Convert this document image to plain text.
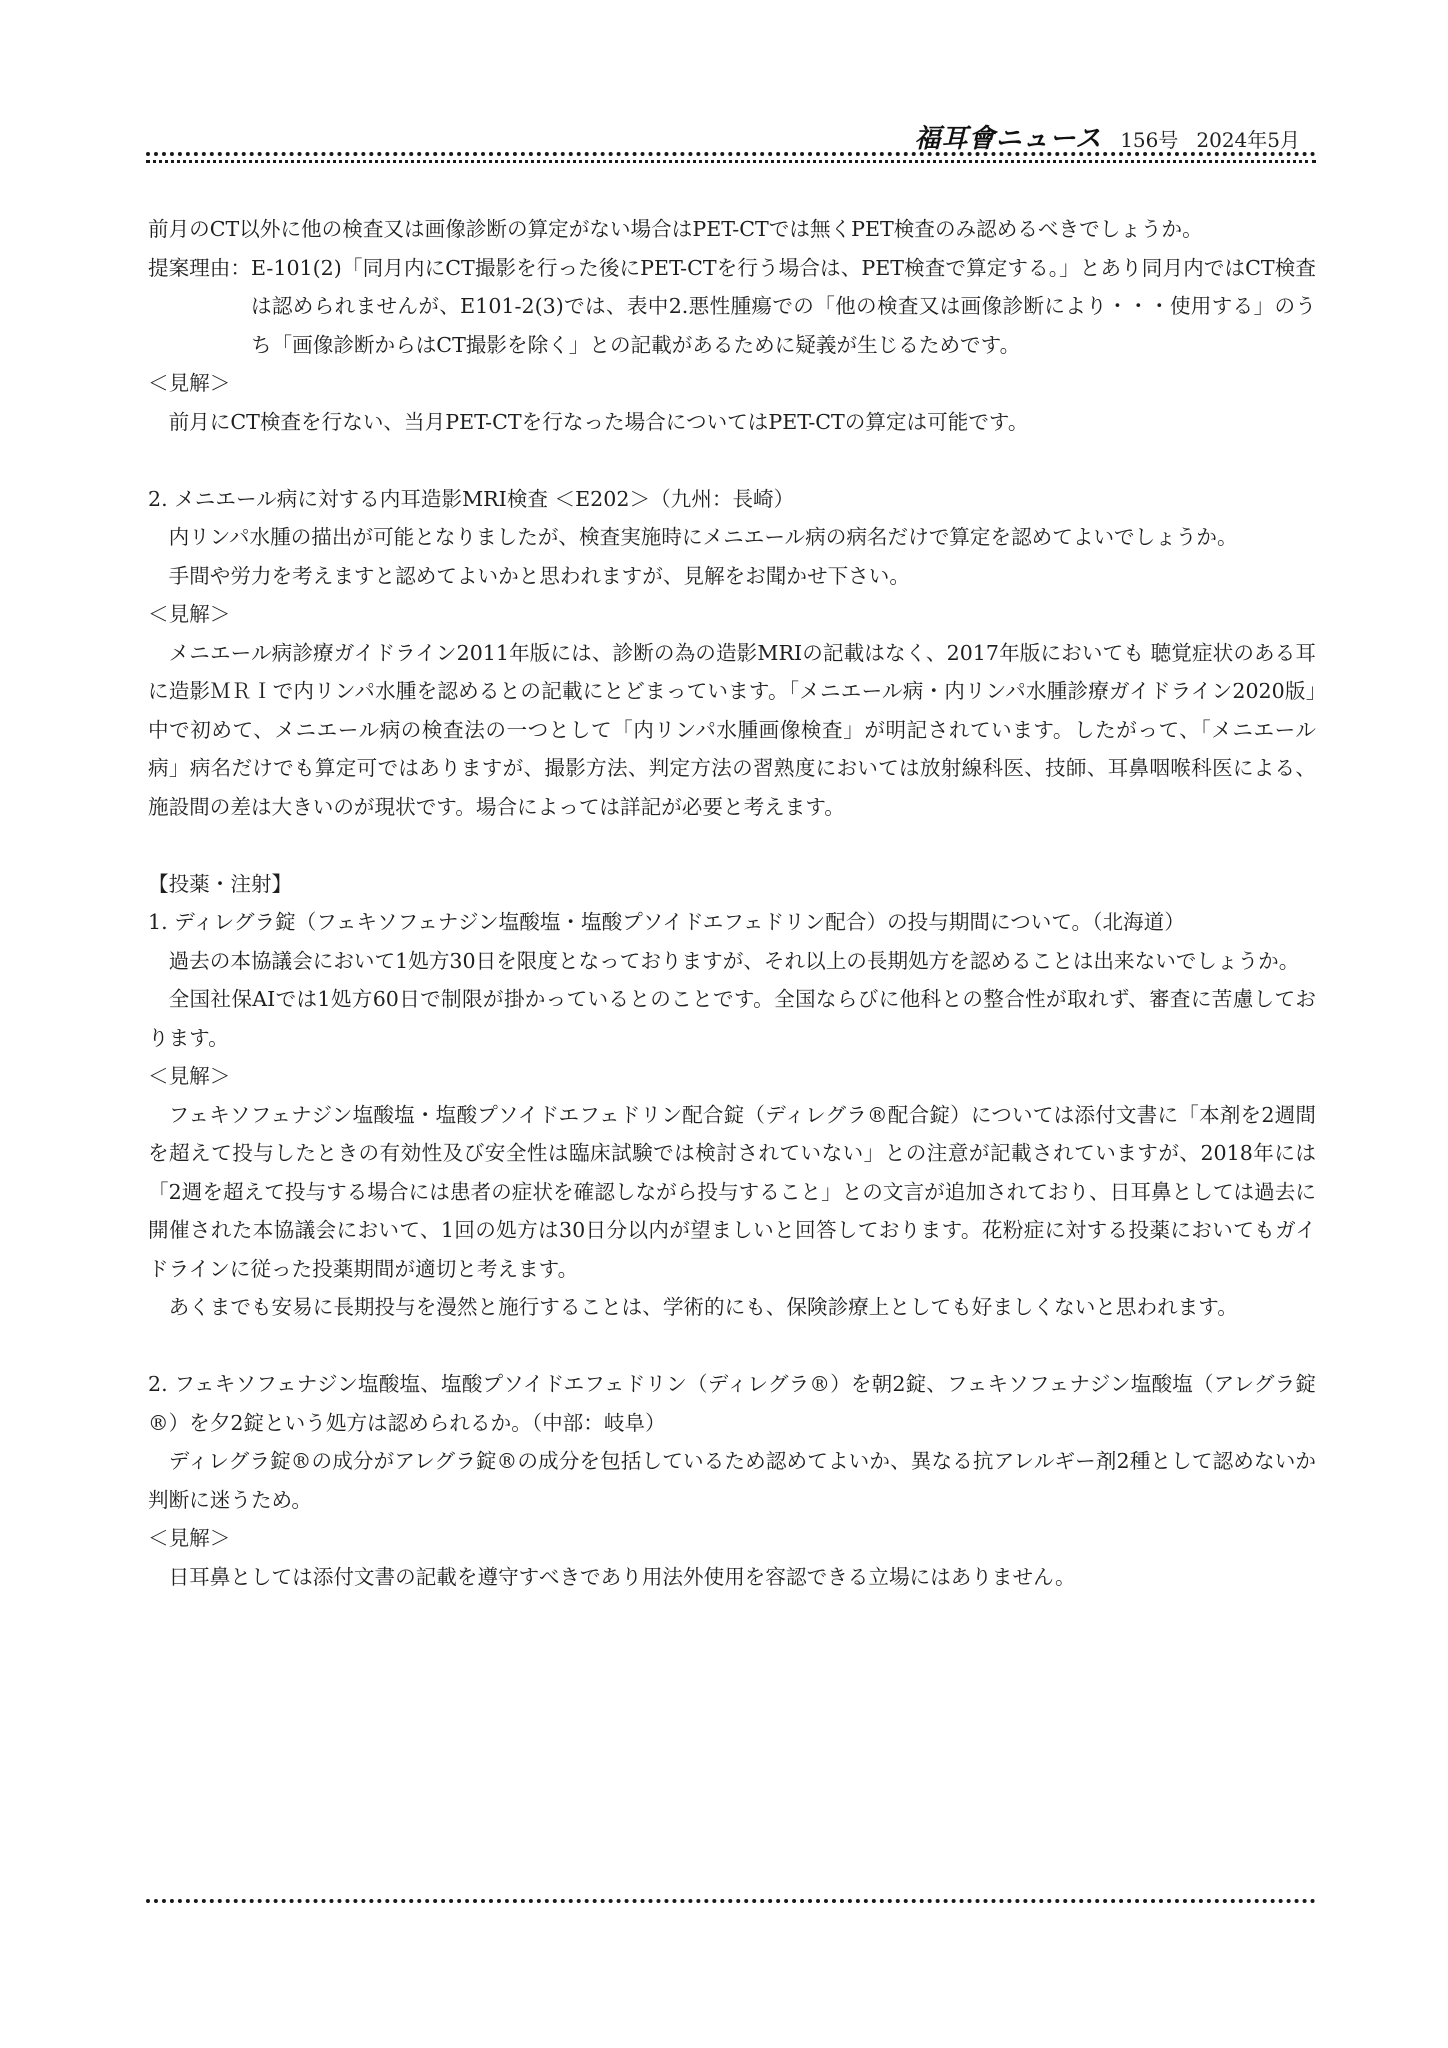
福耳會ニュース 156号 2024年5月

前月のCT以外に他の検査又は画像診断の算定がない場合はPET-CTでは無くPET検査のみ認めるべきでしょうか。

提案理由： E-101(2)「同月内にCT撮影を行った後にPET-CTを行う場合は、PET検査で算定する。」とあり同月内ではCT検査は認められませんが、E101-2(3)では、表中2.悪性腫瘍での「他の検査又は画像診断により・・・使用する」のうち「画像診断からはCT撮影を除く」との記載があるために疑義が生じるためです。

＜見解＞

前月にCT検査を行ない、当月PET-CTを行なった場合についてはPET-CTの算定は可能です。

2. メニエール病に対する内耳造影MRI検査 ＜E202＞（九州：長崎）

内リンパ水腫の描出が可能となりましたが、検査実施時にメニエール病の病名だけで算定を認めてよいでしょうか。

手間や労力を考えますと認めてよいかと思われますが、見解をお聞かせ下さい。

＜見解＞

メニエール病診療ガイドライン2011年版には、診断の為の造影MRIの記載はなく、2017年版においても 聴覚症状のある耳に造影ＭＲＩで内リンパ水腫を認めるとの記載にとどまっています。「メニエール病・内リンパ水腫診療ガイドライン2020版」中で初めて、メニエール病の検査法の一つとして「内リンパ水腫画像検査」が明記されています。したがって、「メニエール病」病名だけでも算定可ではありますが、撮影方法、判定方法の習熟度においては放射線科医、技師、耳鼻咽喉科医による、施設間の差は大きいのが現状です。場合によっては詳記が必要と考えます。

【投薬・注射】

1. ディレグラ錠（フェキソフェナジン塩酸塩・塩酸プソイドエフェドリン配合）の投与期間について。（北海道）

過去の本協議会において1処方30日を限度となっておりますが、それ以上の長期処方を認めることは出来ないでしょうか。

全国社保AIでは1処方60日で制限が掛かっているとのことです。全国ならびに他科との整合性が取れず、審査に苦慮しております。

＜見解＞

フェキソフェナジン塩酸塩・塩酸プソイドエフェドリン配合錠（ディレグラ®配合錠）については添付文書に「本剤を2週間を超えて投与したときの有効性及び安全性は臨床試験では検討されていない」との注意が記載されていますが、2018年には「2週を超えて投与する場合には患者の症状を確認しながら投与すること」との文言が追加されており、日耳鼻としては過去に開催された本協議会において、1回の処方は30日分以内が望ましいと回答しております。花粉症に対する投薬においてもガイドラインに従った投薬期間が適切と考えます。

あくまでも安易に長期投与を漫然と施行することは、学術的にも、保険診療上としても好ましくないと思われます。

2. フェキソフェナジン塩酸塩、塩酸プソイドエフェドリン（ディレグラ®）を朝2錠、フェキソフェナジン塩酸塩（アレグラ錠®）を夕2錠という処方は認められるか。（中部：岐阜）

ディレグラ錠®の成分がアレグラ錠®の成分を包括しているため認めてよいか、異なる抗アレルギー剤2種として認めないか判断に迷うため。

＜見解＞

日耳鼻としては添付文書の記載を遵守すべきであり用法外使用を容認できる立場にはありません。
